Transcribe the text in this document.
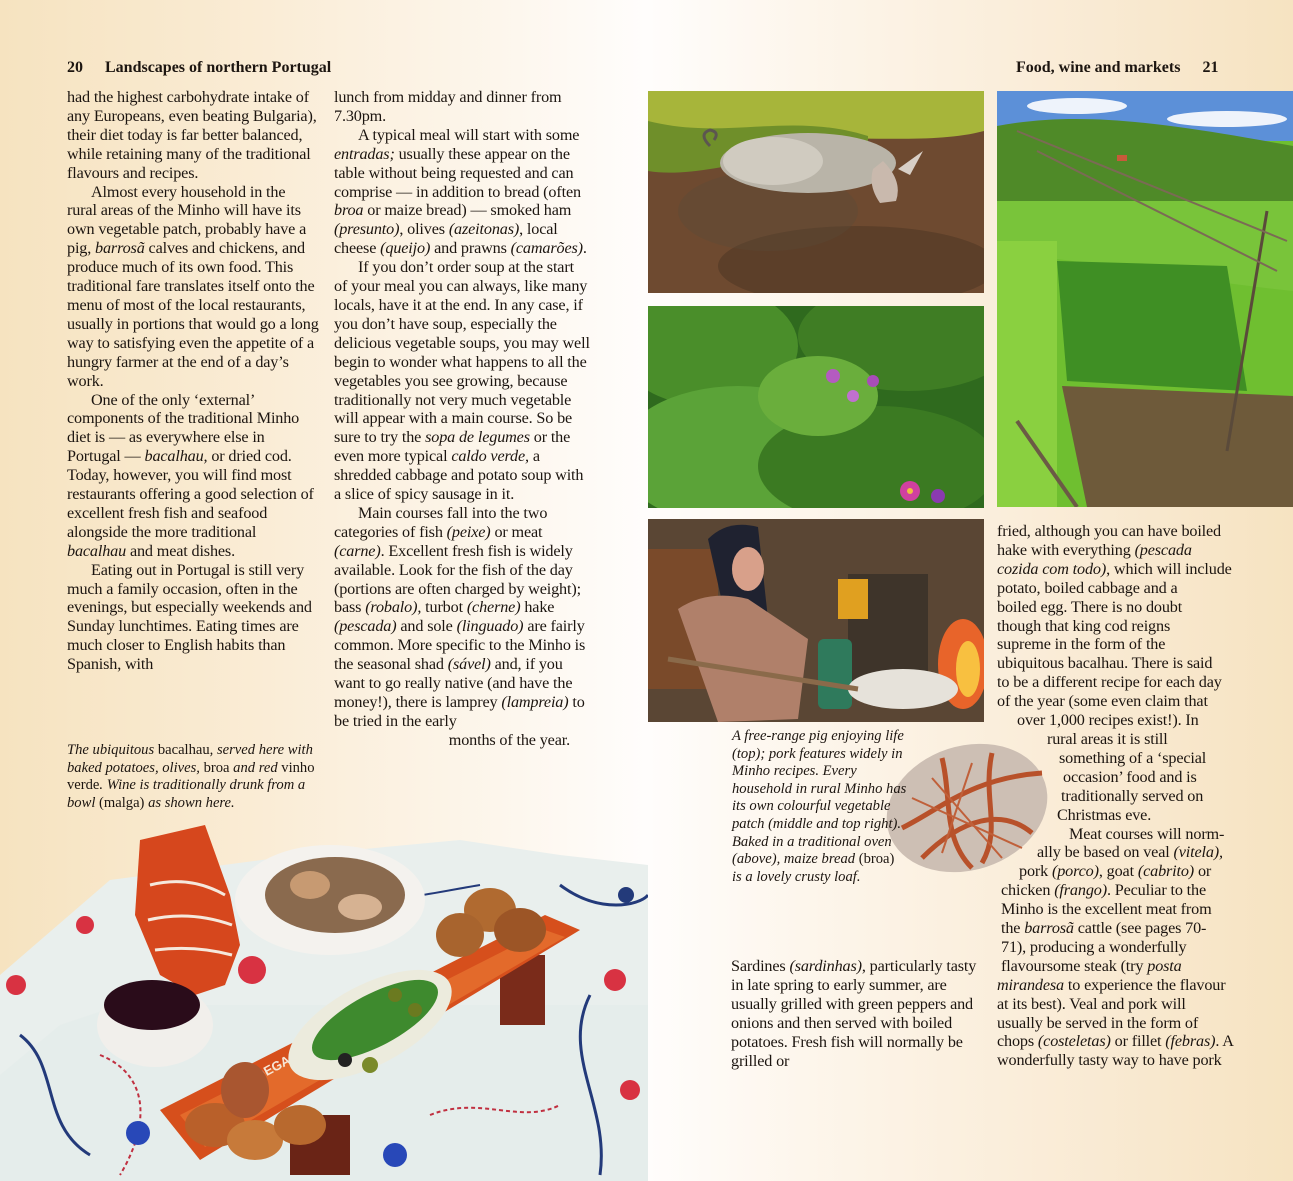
20 Landscapes of northern Portugal

had the highest carbohydrate intake of any Europeans, even beating Bulgaria), their diet today is far better balanced, while retaining many of the traditional flavours and recipes.

Almost every household in the rural areas of the Minho will have its own vegetable patch, probably have a pig, barrosã calves and chickens, and produce much of its own food. This traditional fare translates itself onto the menu of most of the local restaurants, usually in portions that would go a long way to satisfying even the appetite of a hungry farmer at the end of a day’s work.

One of the only ‘external’ components of the traditional Minho diet is — as everywhere else in Portugal — bacalhau, or dried cod. Today, however, you will find most restaurants offering a good selection of excellent fresh fish and seafood alongside the more traditional bacalhau and meat dishes.

Eating out in Portugal is still very much a family occasion, often in the evenings, but especially weekends and Sunday lunchtimes. Eating times are much closer to English habits than Spanish, with

The ubiquitous bacalhau, served here with baked potatoes, olives, broa and red vinho verde. Wine is traditionally drunk from a bowl (malga) as shown here.

lunch from midday and dinner from 7.30pm.

A typical meal will start with some entradas; usually these appear on the table without being requested and can comprise — in addition to bread (often broa or maize bread) — smoked ham (presunto), olives (azeitonas), local cheese (queijo) and prawns (camarões).

If you don’t order soup at the start of your meal you can always, like many locals, have it at the end. In any case, if you don’t have soup, especially the delicious vegetable soups, you may well begin to wonder what happens to all the vegetables you see growing, because traditionally not very much vegetable will appear with a main course. So be sure to try the sopa de legumes or the even more typical caldo verde, a shredded cabbage and potato soup with a slice of spicy sausage in it.

Main courses fall into the two categories of fish (peixe) or meat (carne). Excellent fresh fish is widely available. Look for the fish of the day (portions are often charged by weight); bass (robalo), turbot (cherne) hake (pescada) and sole (linguado) are fairly common. More specific to the Minho is the seasonal shad (sável) and, if you want to go really native (and have the money!), there is lamprey (lampreia) to be tried in the early

months of the year.

ADEGA
Food, wine and markets 21
A free-range pig enjoying life (top); pork features widely in Minho recipes. Every household in rural Minho has its own colourful vegetable patch (middle and top right). Baked in a traditional oven (above), maize bread (broa) is a lovely crusty loaf.

Sardines (sardinhas), particularly tasty in late spring to early summer, are usually grilled with green peppers and onions and then served with boiled potatoes. Fresh fish will normally be grilled or

fried, although you can have boiled
hake with everything (pescada
cozida com todo), which will include
potato, boiled cabbage and a
boiled egg. There is no doubt
though that king cod reigns
supreme in the form of the
ubiquitous bacalhau. There is said
to be a different recipe for each day
of the year (some even claim that
over 1,000 recipes exist!). In
rural areas it is still
something of a ‘special
occasion’ food and is
traditionally served on
Christmas eve.
Meat courses will norm-
ally be based on veal (vitela),
pork (porco), goat (cabrito) or
chicken (frango). Peculiar to the
Minho is the excellent meat from
the barrosã cattle (see pages 70-
71), producing a wonderfully
flavoursome steak (try posta
mirandesa to experience the flavour
at its best). Veal and pork will
usually be served in the form of
chops (costeletas) or fillet (febras). A
wonderfully tasty way to have pork
